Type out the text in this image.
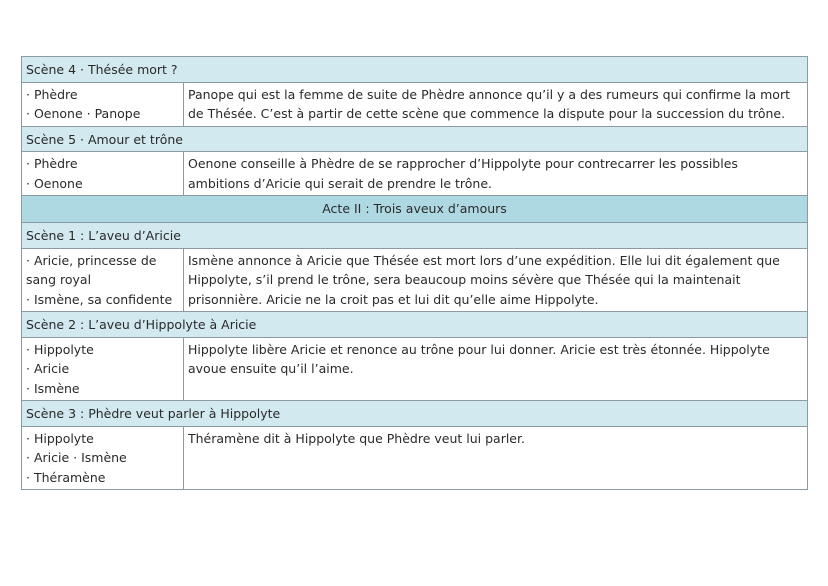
Scène 4 · Thésée mort ?	

· Phèdre
· Oenone · Panope	Panope qui est la femme de suite de Phèdre annonce qu’il y a des rumeurs qui confirme la mort de Thésée. C’est à partir de cette scène que commence la dispute pour la succession du trône.

Scène 5 · Amour et trône	

· Phèdre
· Oenone	Oenone conseille à Phèdre de se rapprocher d’Hippolyte pour contrecarrer les possibles ambitions d’Aricie qui serait de prendre le trône.

Acte II : Trois aveux d’amours	
Scène 1 : L’aveu d’Aricie	

· Aricie, princesse de sang royal
· Ismène, sa confidente	Ismène annonce à Aricie que Thésée est mort lors d’une expédition. Elle lui dit également que Hippolyte, s’il prend le trône, sera beaucoup moins sévère que Thésée qui la maintenait prisonnière. Aricie ne la croit pas et lui dit qu’elle aime Hippolyte.

Scène 2 : L’aveu d’Hippolyte à Aricie	

· Hippolyte
· Aricie
· Ismène	Hippolyte libère Aricie et renonce au trône pour lui donner. Aricie est très étonnée. Hippolyte avoue ensuite qu’il l’aime.

Scène 3 : Phèdre veut parler à Hippolyte	

· Hippolyte
· Aricie · Ismène
· Théramène	Théramène dit à Hippolyte que Phèdre veut lui parler.
